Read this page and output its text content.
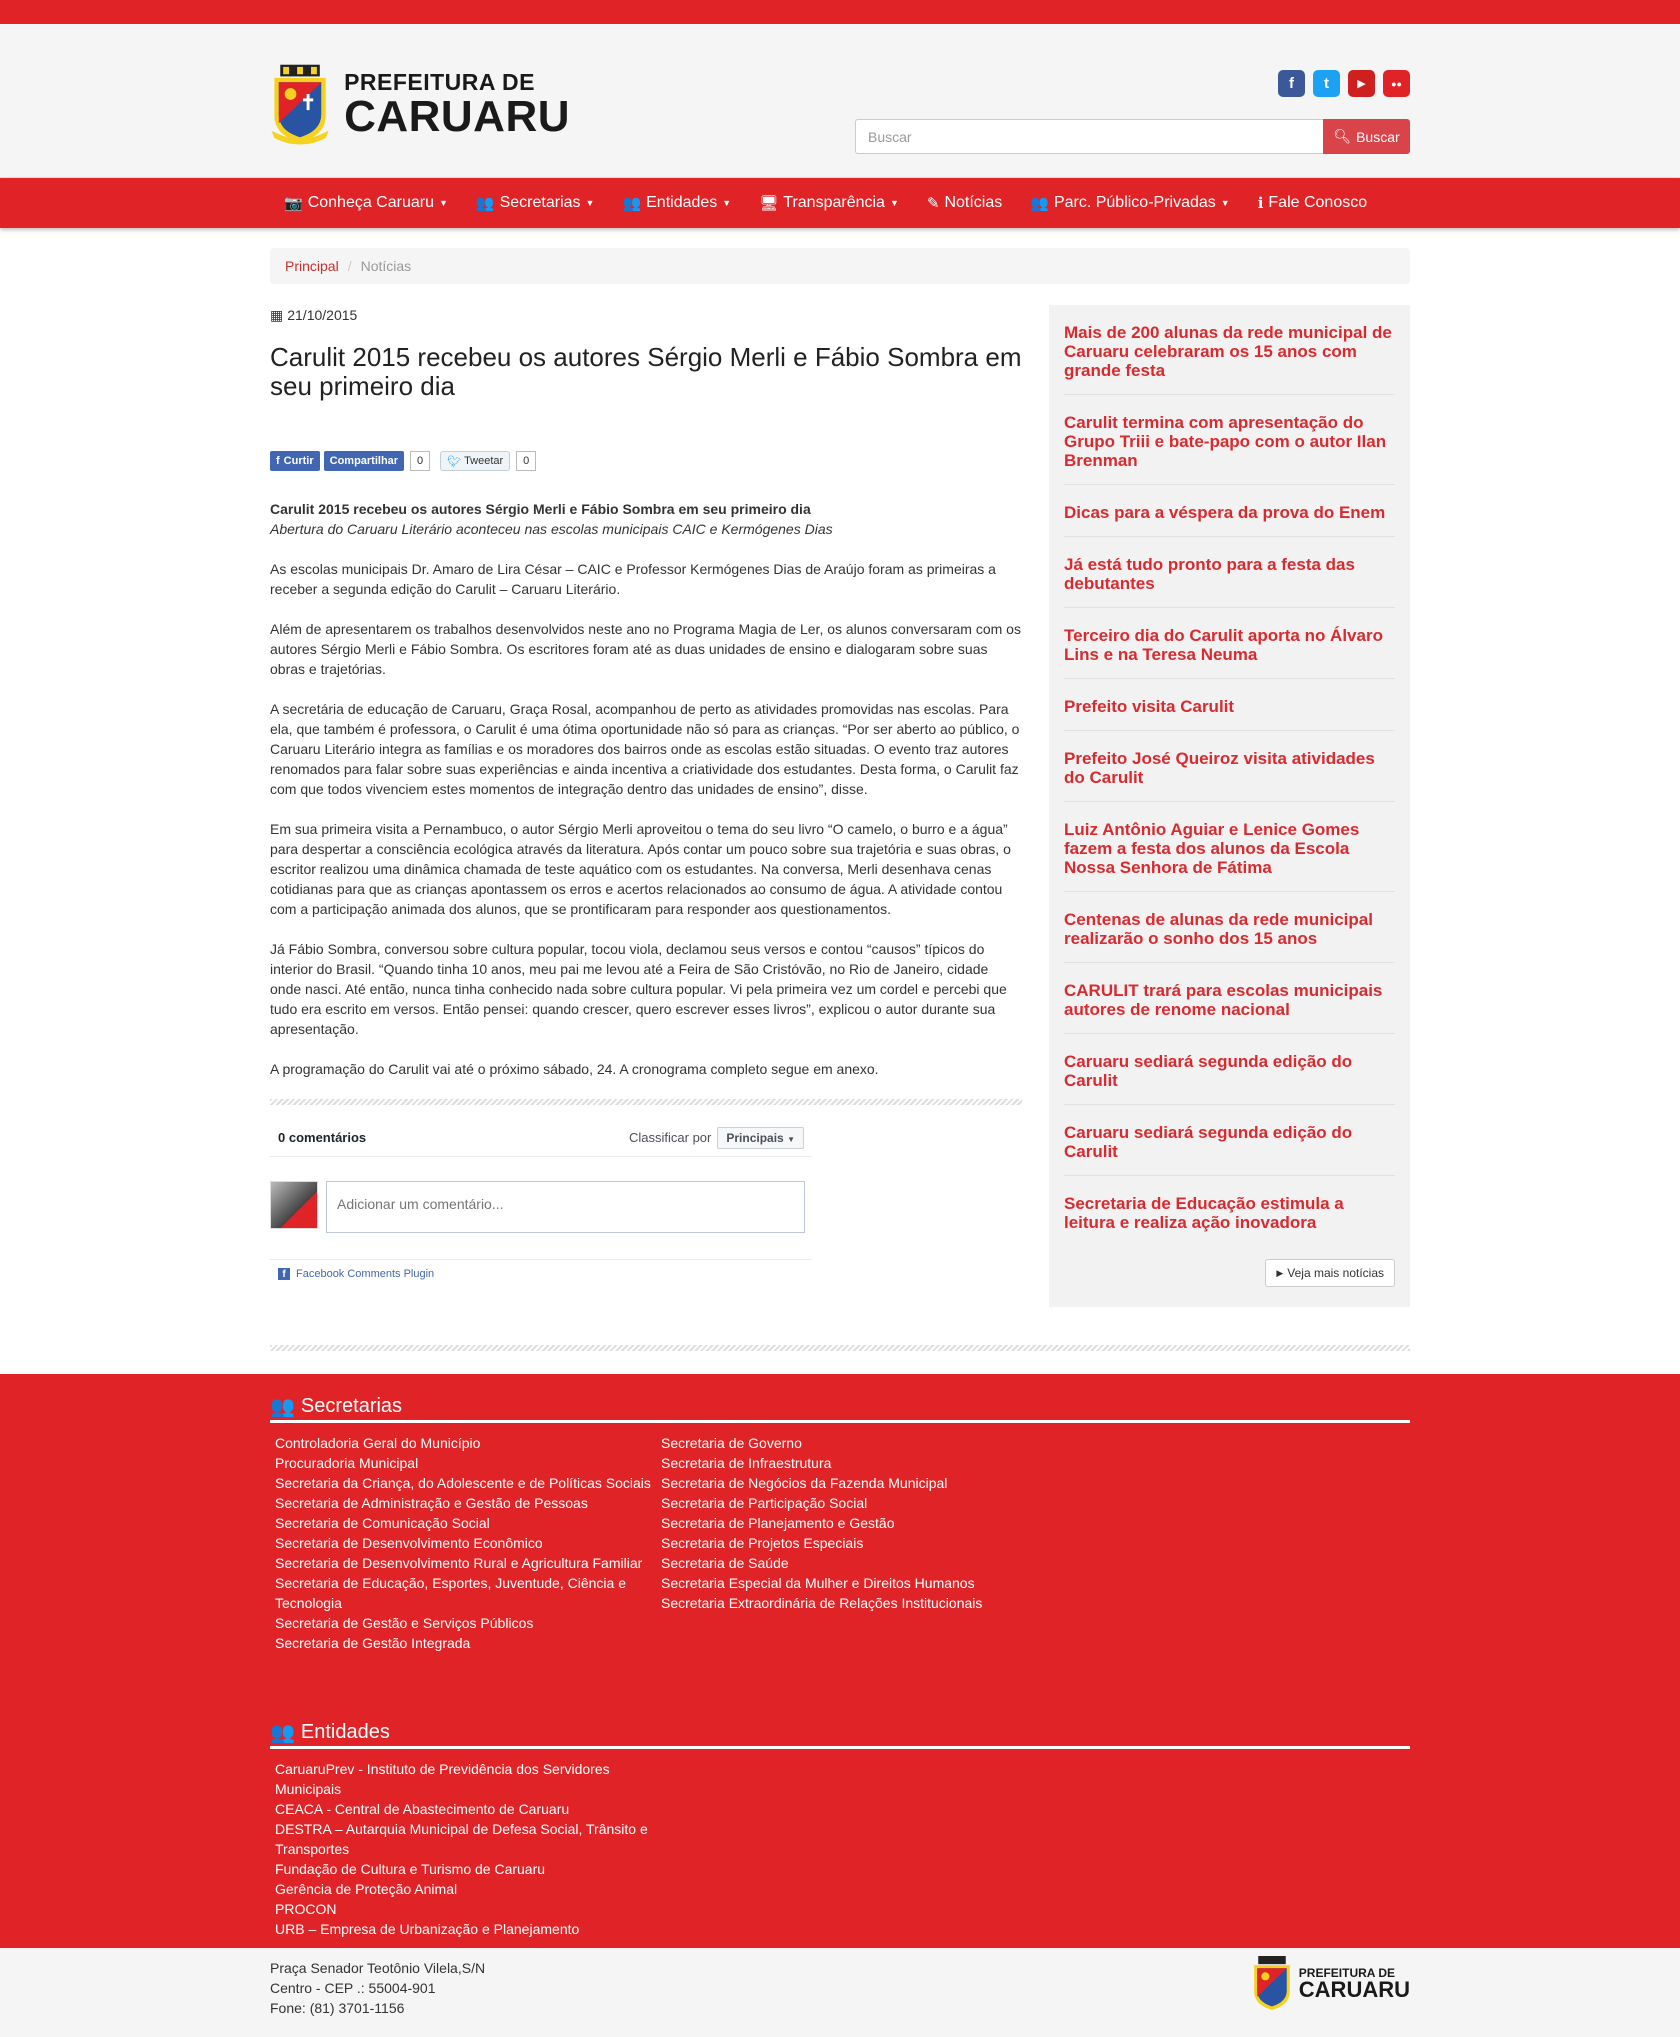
PREFEITURA DE
CARUARU
f	t	▶	●●
Buscar
🔍︎ Buscar
📷 Conheça Caruaru ▼ 👥 Secretarias ▼ 👥 Entidades ▼ 🖥 Transparência ▼ ✎ Notícias 👥 Parc. Público-Privadas ▼ ℹ Fale Conosco
Principal / Notícias
▦ 21/10/2015
Carulit 2015 recebeu os autores Sérgio Merli e Fábio Sombra em seu primeiro dia
f Curtir	Compartilhar	0	🐦︎ Tweetar	0

Carulit 2015 recebeu os autores Sérgio Merli e Fábio Sombra em seu primeiro dia
Abertura do Caruaru Literário aconteceu nas escolas municipais CAIC e Kermógenes Dias

As escolas municipais Dr. Amaro de Lira César – CAIC e Professor Kermógenes Dias de Araújo foram as primeiras a receber a segunda edição do Carulit – Caruaru Literário.

Além de apresentarem os trabalhos desenvolvidos neste ano no Programa Magia de Ler, os alunos conversaram com os autores Sérgio Merli e Fábio Sombra. Os escritores foram até as duas unidades de ensino e dialogaram sobre suas obras e trajetórias.

A secretária de educação de Caruaru, Graça Rosal, acompanhou de perto as atividades promovidas nas escolas. Para ela, que também é professora, o Carulit é uma ótima oportunidade não só para as crianças. “Por ser aberto ao público, o Caruaru Literário integra as famílias e os moradores dos bairros onde as escolas estão situadas. O evento traz autores renomados para falar sobre suas experiências e ainda incentiva a criatividade dos estudantes. Desta forma, o Carulit faz com que todos vivenciem estes momentos de integração dentro das unidades de ensino”, disse.

Em sua primeira visita a Pernambuco, o autor Sérgio Merli aproveitou o tema do seu livro “O camelo, o burro e a água” para despertar a consciência ecológica através da literatura. Após contar um pouco sobre sua trajetória e suas obras, o escritor realizou uma dinâmica chamada de teste aquático com os estudantes. Na conversa, Merli desenhava cenas cotidianas para que as crianças apontassem os erros e acertos relacionados ao consumo de água. A atividade contou com a participação animada dos alunos, que se prontificaram para responder aos questionamentos.

Já Fábio Sombra, conversou sobre cultura popular, tocou viola, declamou seus versos e contou “causos” típicos do interior do Brasil. “Quando tinha 10 anos, meu pai me levou até a Feira de São Cristóvão, no Rio de Janeiro, cidade onde nasci. Até então, nunca tinha conhecido nada sobre cultura popular. Vi pela primeira vez um cordel e percebi que tudo era escrito em versos. Então pensei: quando crescer, quero escrever esses livros”, explicou o autor durante sua apresentação.

A programação do Carulit vai até o próximo sábado, 24. A cronograma completo segue em anexo.

0 comentários	Classificar por	Principais ▼
Adicionar um comentário...
f Facebook Comments Plugin
Mais de 200 alunas da rede municipal de Caruaru celebraram os 15 anos com grande festa
Carulit termina com apresentação do Grupo Triii e bate-papo com o autor Ilan Brenman
Dicas para a véspera da prova do Enem
Já está tudo pronto para a festa das debutantes
Terceiro dia do Carulit aporta no Álvaro Lins e na Teresa Neuma
Prefeito visita Carulit
Prefeito José Queiroz visita atividades do Carulit
Luiz Antônio Aguiar e Lenice Gomes fazem a festa dos alunos da Escola Nossa Senhora de Fátima
Centenas de alunas da rede municipal realizarão o sonho dos 15 anos
CARULIT trará para escolas municipais autores de renome nacional
Caruaru sediará segunda edição do Carulit
Caruaru sediará segunda edição do Carulit
Secretaria de Educação estimula a leitura e realiza ação inovadora
▶ Veja mais notícias
👥 Secretarias
Controladoria Geral do Município
Procuradoria Municipal
Secretaria da Criança, do Adolescente e de Políticas Sociais
Secretaria de Administração e Gestão de Pessoas
Secretaria de Comunicação Social
Secretaria de Desenvolvimento Econômico
Secretaria de Desenvolvimento Rural e Agricultura Familiar
Secretaria de Educação, Esportes, Juventude, Ciência e Tecnologia
Secretaria de Gestão e Serviços Públicos
Secretaria de Gestão Integrada
Secretaria de Governo
Secretaria de Infraestrutura
Secretaria de Negócios da Fazenda Municipal
Secretaria de Participação Social
Secretaria de Planejamento e Gestão
Secretaria de Projetos Especiais
Secretaria de Saúde
Secretaria Especial da Mulher e Direitos Humanos
Secretaria Extraordinária de Relações Institucionais
👥 Entidades
CaruaruPrev - Instituto de Previdência dos Servidores Municipais
CEACA - Central de Abastecimento de Caruaru
DESTRA – Autarquia Municipal de Defesa Social, Trânsito e Transportes
Fundação de Cultura e Turismo de Caruaru
Gerência de Proteção Animal
PROCON
URB – Empresa de Urbanização e Planejamento
Praça Senador Teotônio Vilela,S/N
Centro - CEP .: 55004-901
Fone: (81) 3701-1156
PREFEITURA DE
CARUARU
